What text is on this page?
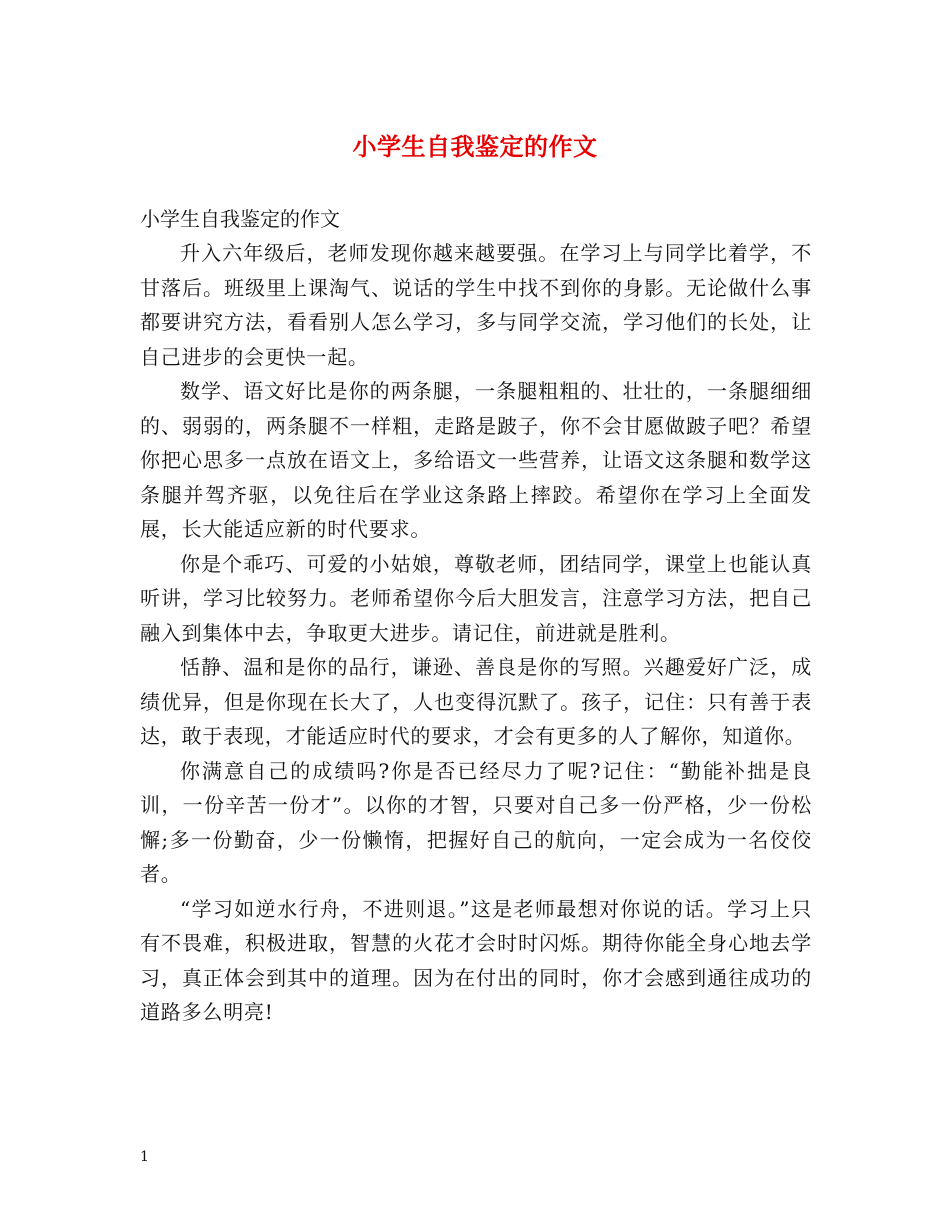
小学生自我鉴定的作文
小学生自我鉴定的作文

升入六年级后，老师发现你越来越要强。在学习上与同学比着学，不甘落后。班级里上课淘气、说话的学生中找不到你的身影。无论做什么事都要讲究方法，看看别人怎么学习，多与同学交流，学习他们的长处，让自己进步的会更快一起。

数学、语文好比是你的两条腿，一条腿粗粗的、壮壮的，一条腿细细的、弱弱的，两条腿不一样粗，走路是跛子，你不会甘愿做跛子吧？希望你把心思多一点放在语文上，多给语文一些营养，让语文这条腿和数学这条腿并驾齐驱，以免往后在学业这条路上摔跤。希望你在学习上全面发展，长大能适应新的时代要求。

你是个乖巧、可爱的小姑娘，尊敬老师，团结同学，课堂上也能认真听讲，学习比较努力。老师希望你今后大胆发言，注意学习方法，把自己融入到集体中去，争取更大进步。请记住，前进就是胜利。

恬静、温和是你的品行，谦逊、善良是你的写照。兴趣爱好广泛，成绩优异，但是你现在长大了，人也变得沉默了。孩子，记住：只有善于表达，敢于表现，才能适应时代的要求，才会有更多的人了解你，知道你。

你满意自己的成绩吗?你是否已经尽力了呢?记住：“勤能补拙是良训，一份辛苦一份才”。以你的才智，只要对自己多一份严格，少一份松懈;多一份勤奋，少一份懒惰，把握好自己的航向，一定会成为一名佼佼者。

“学习如逆水行舟，不进则退。”这是老师最想对你说的话。学习上只有不畏难，积极进取，智慧的火花才会时时闪烁。期待你能全身心地去学习，真正体会到其中的道理。因为在付出的同时，你才会感到通往成功的道路多么明亮!

1
